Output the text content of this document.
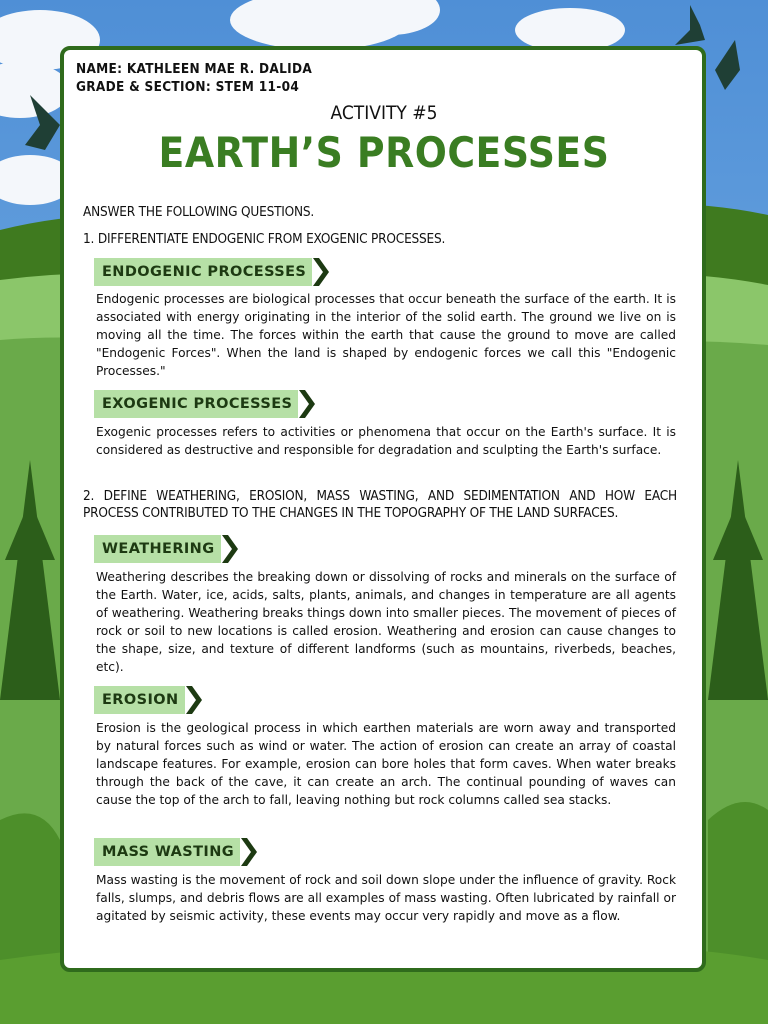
NAME: KATHLEEN MAE R. DALIDA
GRADE & SECTION: STEM 11-04
ACTIVITY #5
EARTH’S PROCESSES
ANSWER THE FOLLOWING QUESTIONS.
1. DIFFERENTIATE ENDOGENIC FROM EXOGENIC PROCESSES.
ENDOGENIC PROCESSES
Endogenic processes are biological processes that occur beneath the surface of the earth. It is associated with energy originating in the interior of the solid earth. The ground we live on is moving all the time. The forces within the earth that cause the ground to move are called "Endogenic Forces". When the land is shaped by endogenic forces we call this "Endogenic Processes."
EXOGENIC PROCESSES
Exogenic processes refers to activities or phenomena that occur on the Earth's surface. It is considered as destructive and responsible for degradation and sculpting the Earth's surface.
2. DEFINE WEATHERING, EROSION, MASS WASTING, AND SEDIMENTATION AND HOW EACH PROCESS CONTRIBUTED TO THE CHANGES IN THE TOPOGRAPHY OF THE LAND SURFACES.
WEATHERING
Weathering describes the breaking down or dissolving of rocks and minerals on the surface of the Earth. Water, ice, acids, salts, plants, animals, and changes in temperature are all agents of weathering. Weathering breaks things down into smaller pieces. The movement of pieces of rock or soil to new locations is called erosion. Weathering and erosion can cause changes to the shape, size, and texture of different landforms (such as mountains, riverbeds, beaches, etc).
EROSION
Erosion is the geological process in which earthen materials are worn away and transported by natural forces such as wind or water. The action of erosion can create an array of coastal landscape features. For example, erosion can bore holes that form caves. When water breaks through the back of the cave, it can create an arch. The continual pounding of waves can cause the top of the arch to fall, leaving nothing but rock columns called sea stacks.
MASS WASTING
Mass wasting is the movement of rock and soil down slope under the influence of gravity. Rock falls, slumps, and debris flows are all examples of mass wasting. Often lubricated by rainfall or agitated by seismic activity, these events may occur very rapidly and move as a flow.
